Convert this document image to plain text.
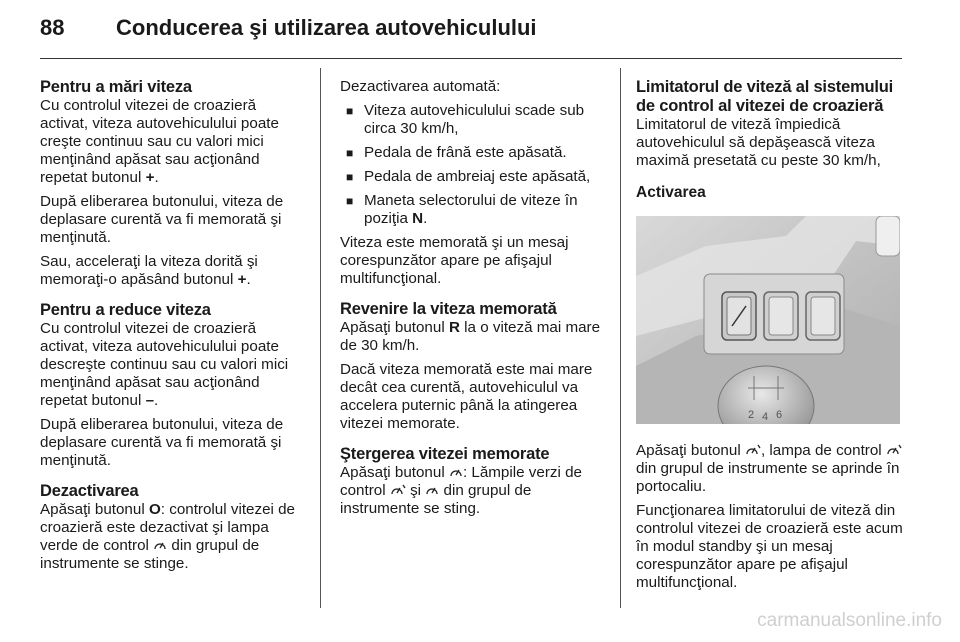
88 Conducerea şi utilizarea autovehiculului
Pentru a mări viteza

Cu controlul vitezei de croazieră activat, viteza autovehiculului poate creşte continuu sau cu valori mici menţinând apăsat sau acţionând repetat butonul +.

După eliberarea butonului, viteza de deplasare curentă va fi memorată şi menţinută.

Sau, acceleraţi la viteza dorită şi memoraţi-o apăsând butonul +.

Pentru a reduce viteza

Cu controlul vitezei de croazieră activat, viteza autovehiculului poate descreşte continuu sau cu valori mici menţinând apăsat sau acţionând repetat butonul –.

După eliberarea butonului, viteza de deplasare curentă va fi memorată şi menţinută.

Dezactivarea

Apăsaţi butonul O: controlul vitezei de croazieră este dezactivat şi lampa verde de control din grupul de instrumente se stinge.

Dezactivarea automată:

■ Viteza autovehiculului scade sub circa 30 km/h,
■ Pedala de frână este apăsată.
■ Pedala de ambreiaj este apăsată,
■ Maneta selectorului de viteze în poziţia N.

Viteza este memorată şi un mesaj corespunzător apare pe afişajul multifuncţional.

Revenire la viteza memorată

Apăsaţi butonul R la o viteză mai mare de 30 km/h.

Dacă viteza memorată este mai mare decât cea curentă, autovehiculul va accelera puternic până la atingerea vitezei memorate.

Ştergerea vitezei memorate

Apăsaţi butonul : Lămpile verzi de control şi din grupul de instrumente se sting.

Limitatorul de viteză al sistemului de control al vitezei de croazieră

Limitatorul de viteză împiedică autovehiculul să depăşească viteza maximă presetată cu peste 30 km/h,

Activarea
2 4 6

Apăsaţi butonul , lampa de control  din grupul de instrumente se aprinde în portocaliu.

Funcţionarea limitatorului de viteză din controlul vitezei de croazieră este acum în modul standby şi un mesaj corespunzător apare pe afişajul multifuncţional.

carmanualsonline.info
